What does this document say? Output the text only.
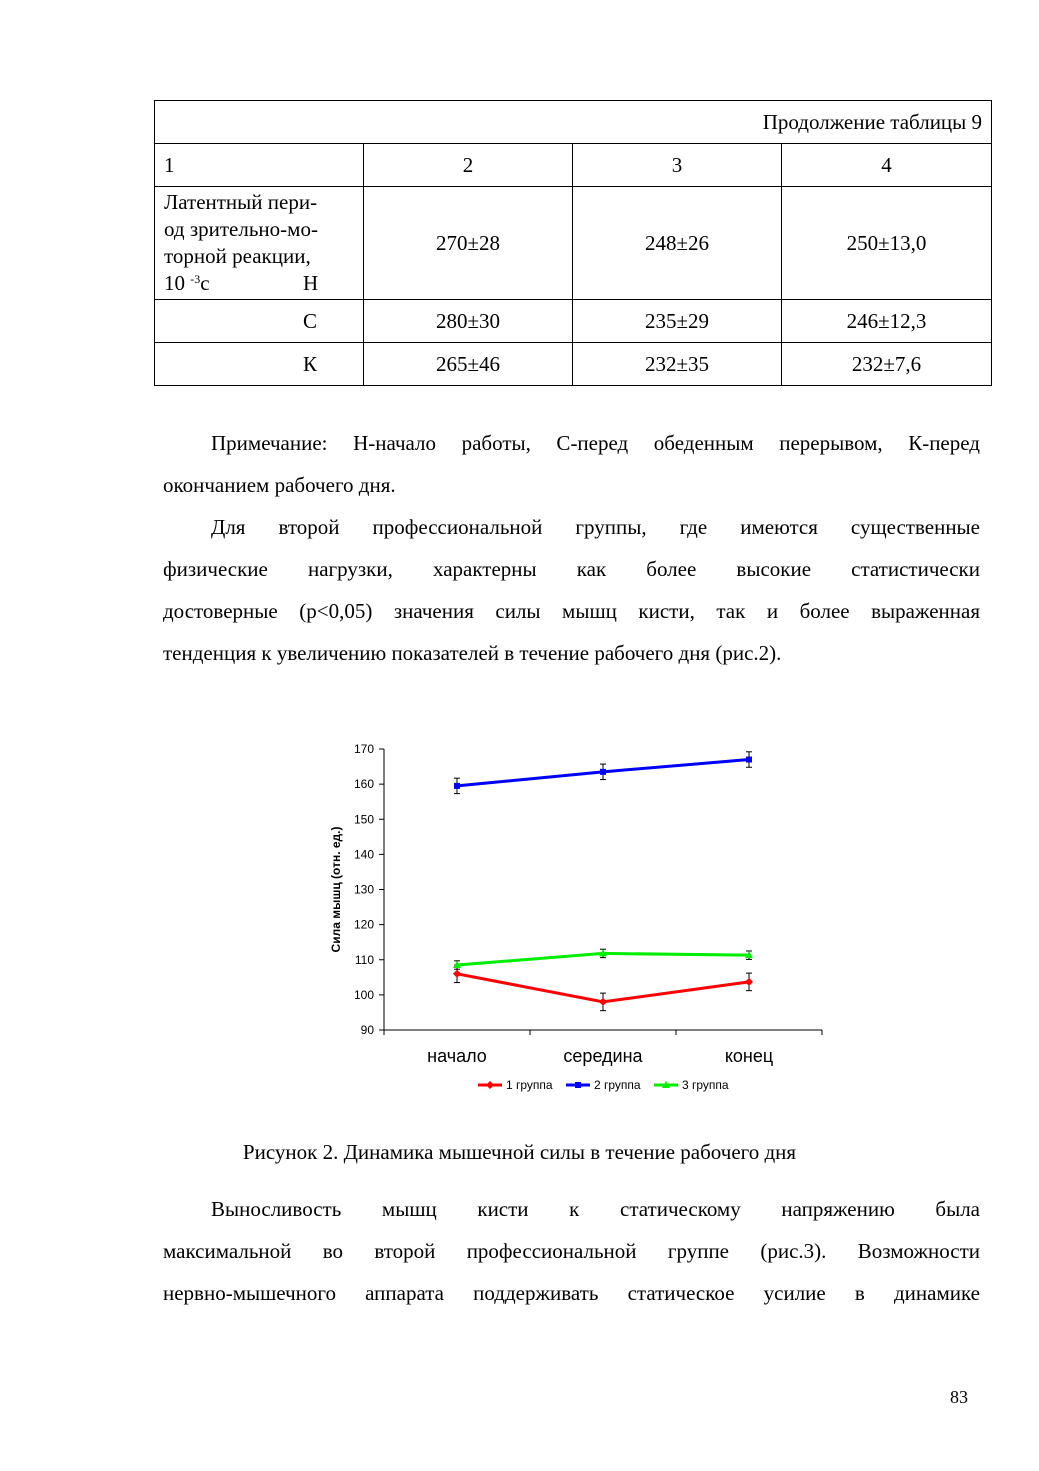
Продолжение таблицы 9			
1	2	3	4

Латентный пери-
од зрительно-мо-
торной реакции,
10 $^{-3}$с Н	270±28	248±26	250±13,0
С	280±30	235±29	246±12,3
К	265±46	232±35	232±7,6
Примечание: Н-начало работы, С-перед обеденным перерывом, К-перед
окончанием рабочего дня.
Для второй профессиональной группы, где имеются существенные
физические нагрузки, характерны как более высокие статистически
достоверные (р<0,05) значения силы мышц кисти, так и более выраженная
тенденция к увеличению показателей в течение рабочего дня (рис.2).
90
100
110
120
130
140
150
160
170
начало	середина	конец
Сила мышц (отн. ед.)
1 группа	2 группа	3 группа
Рисунок 2. Динамика мышечной силы в течение рабочего дня
Выносливость мышц кисти к статическому напряжению была
максимальной во второй профессиональной группе (рис.3). Возможности
нервно-мышечного аппарата поддерживать статическое усилие в динамике
83
